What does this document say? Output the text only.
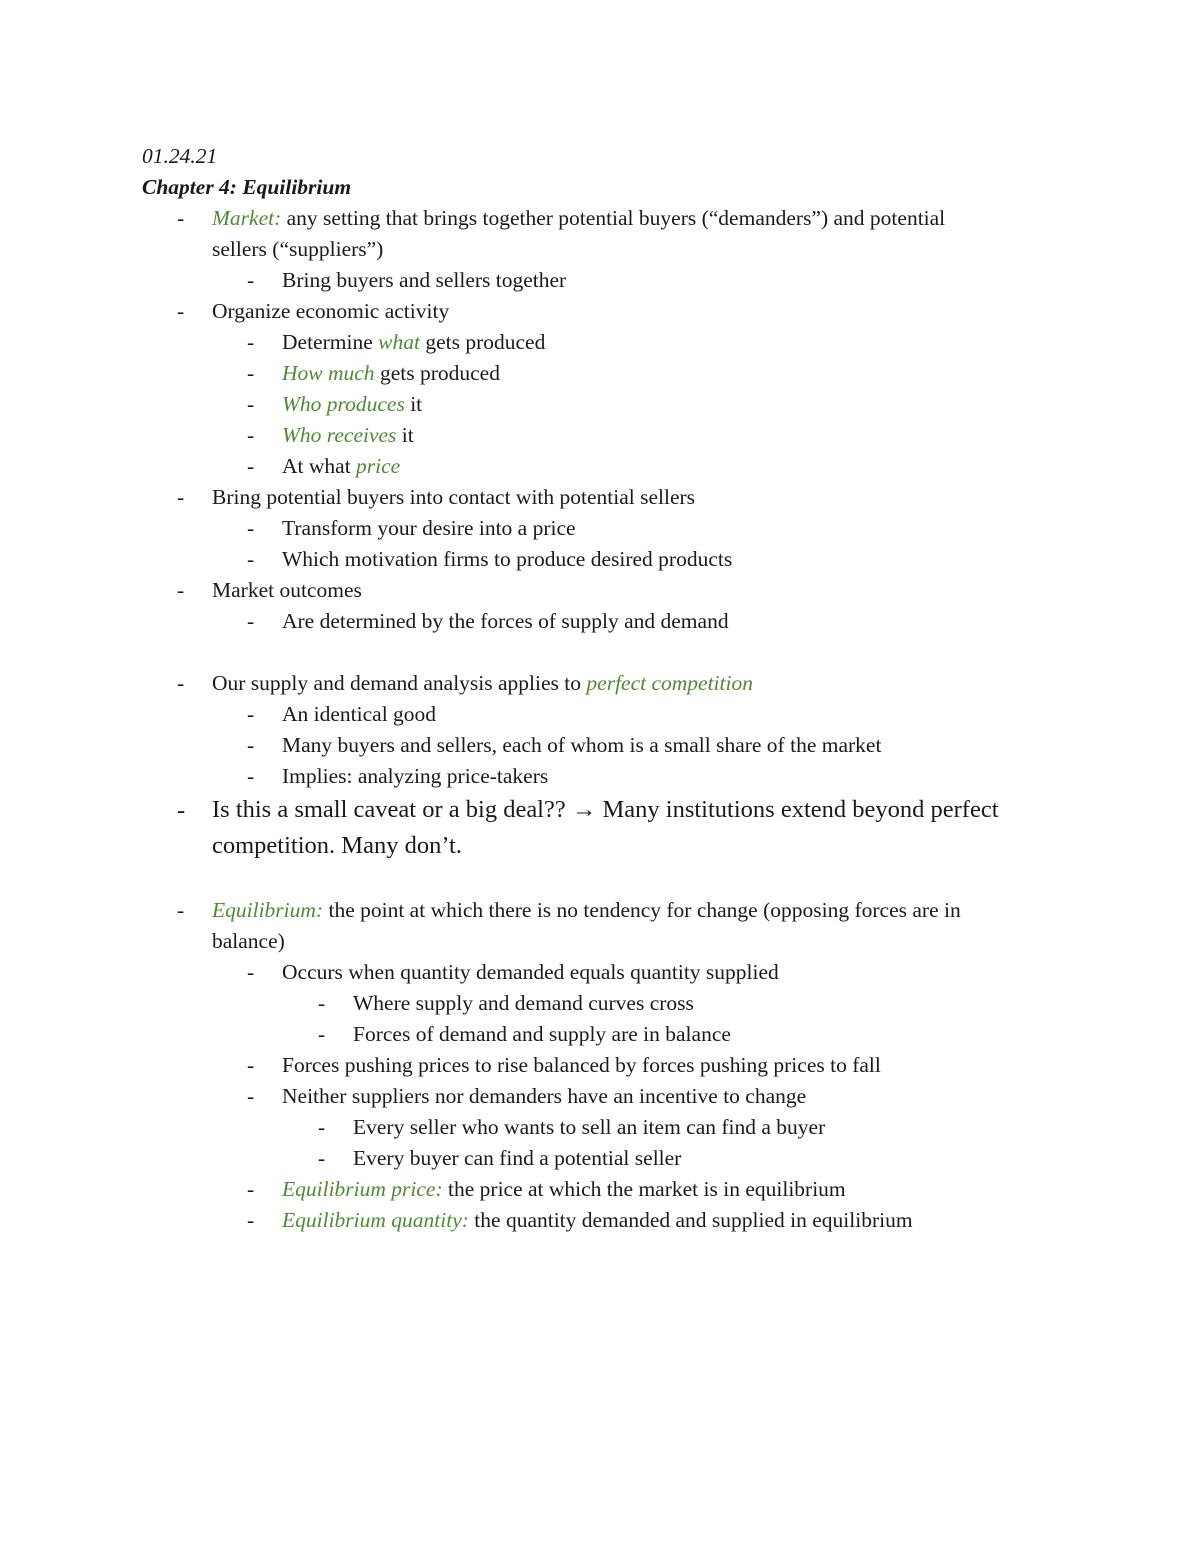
01.24.21
Chapter 4: Equilibrium
- Market: any setting that brings together potential buyers (“demanders”) and potential
sellers (“suppliers”)
- Bring buyers and sellers together
- Organize economic activity
- Determine what gets produced
- How much gets produced
- Who produces it
- Who receives it
- At what price
- Bring potential buyers into contact with potential sellers
- Transform your desire into a price
- Which motivation firms to produce desired products
- Market outcomes
- Are determined by the forces of supply and demand
- Our supply and demand analysis applies to perfect competition
- An identical good
- Many buyers and sellers, each of whom is a small share of the market
- Implies: analyzing price-takers
- Is this a small caveat or a big deal?? → Many institutions extend beyond perfect
competition. Many don’t.
- Equilibrium: the point at which there is no tendency for change (opposing forces are in
balance)
- Occurs when quantity demanded equals quantity supplied
- Where supply and demand curves cross
- Forces of demand and supply are in balance
- Forces pushing prices to rise balanced by forces pushing prices to fall
- Neither suppliers nor demanders have an incentive to change
- Every seller who wants to sell an item can find a buyer
- Every buyer can find a potential seller
- Equilibrium price: the price at which the market is in equilibrium
- Equilibrium quantity: the quantity demanded and supplied in equilibrium
